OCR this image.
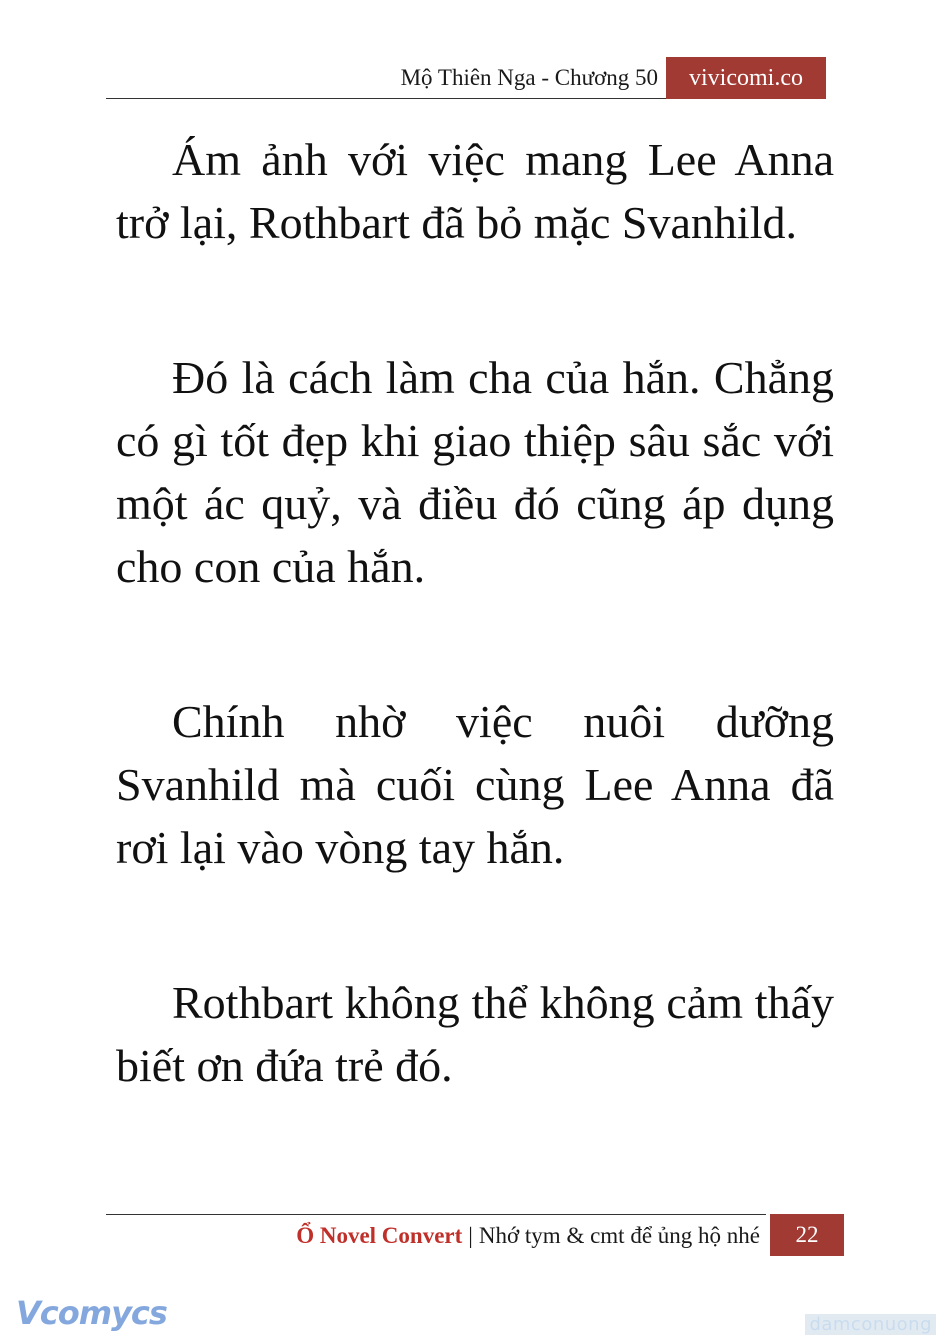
Mộ Thiên Nga - Chương 50	vivicomi.co

Ám ảnh với việc mang Lee Anna trở lại, Rothbart đã bỏ mặc Svanhild.

Đó là cách làm cha của hắn. Chẳng có gì tốt đẹp khi giao thiệp sâu sắc với một ác quỷ, và điều đó cũng áp dụng cho con của hắn.

Chính nhờ việc nuôi dưỡng Svanhild mà cuối cùng Lee Anna đã rơi lại vào vòng tay hắn.

Rothbart không thể không cảm thấy biết ơn đứa trẻ đó.

Ổ Novel Convert | Nhớ tym & cmt để ủng hộ nhé	22
Vcomycs	damconuong
